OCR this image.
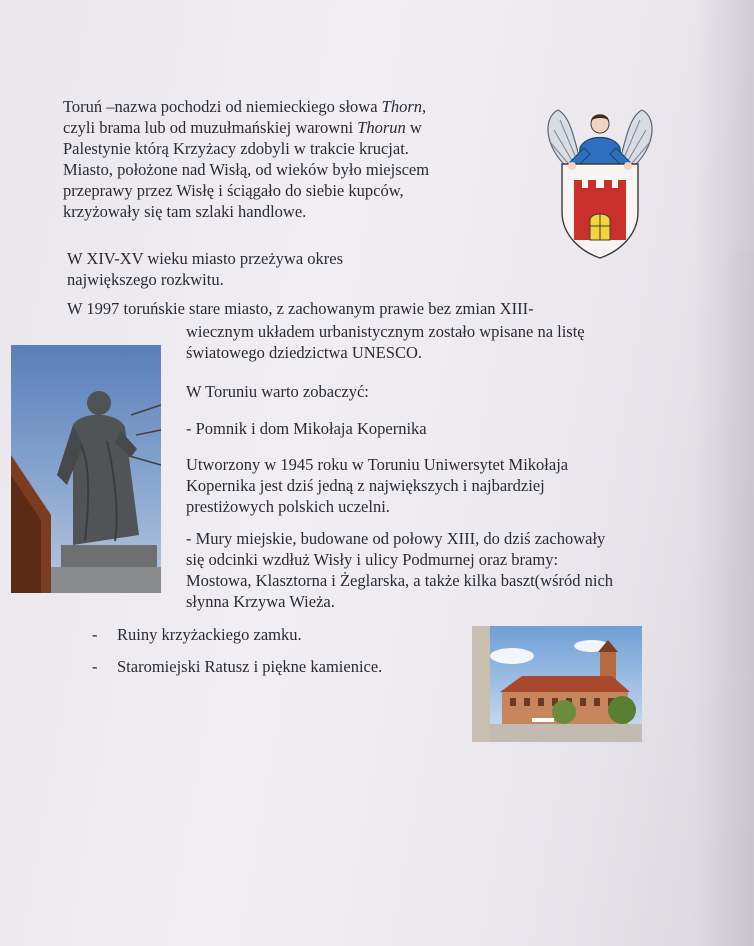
Toruń –nazwa pochodzi od niemieckiego słowa Thorn,
czyli brama lub od muzułmańskiej warowni Thorun w
Palestynie którą Krzyżacy zdobyli w trakcie krucjat.
Miasto, położone nad Wisłą, od wieków było miejscem
przeprawy przez Wisłę i ściągało do siebie kupców,
krzyżowały się tam szlaki handlowe.
W XIV-XV wieku miasto przeżywa okres
największego rozkwitu.
W 1997 toruńskie stare miasto, z zachowanym prawie bez zmian XIII-
wiecznym układem urbanistycznym zostało wpisane na listę
światowego dziedzictwa UNESCO.
W Toruniu warto zobaczyć:
- Pomnik i dom Mikołaja Kopernika
Utworzony w 1945 roku w Toruniu Uniwersytet Mikołaja
Kopernika jest dziś jedną z największych i najbardziej
prestiżowych polskich uczelni.
- Mury miejskie, budowane od połowy XIII, do dziś zachowały
się odcinki wzdłuż Wisły i ulicy Podmurnej oraz bramy:
Mostowa, Klasztorna i Żeglarska, a także kilka baszt(wśród nich
słynna Krzywa Wieża.
- Ruiny krzyżackiego zamku.
- Staromiejski Ratusz i piękne kamienice.
